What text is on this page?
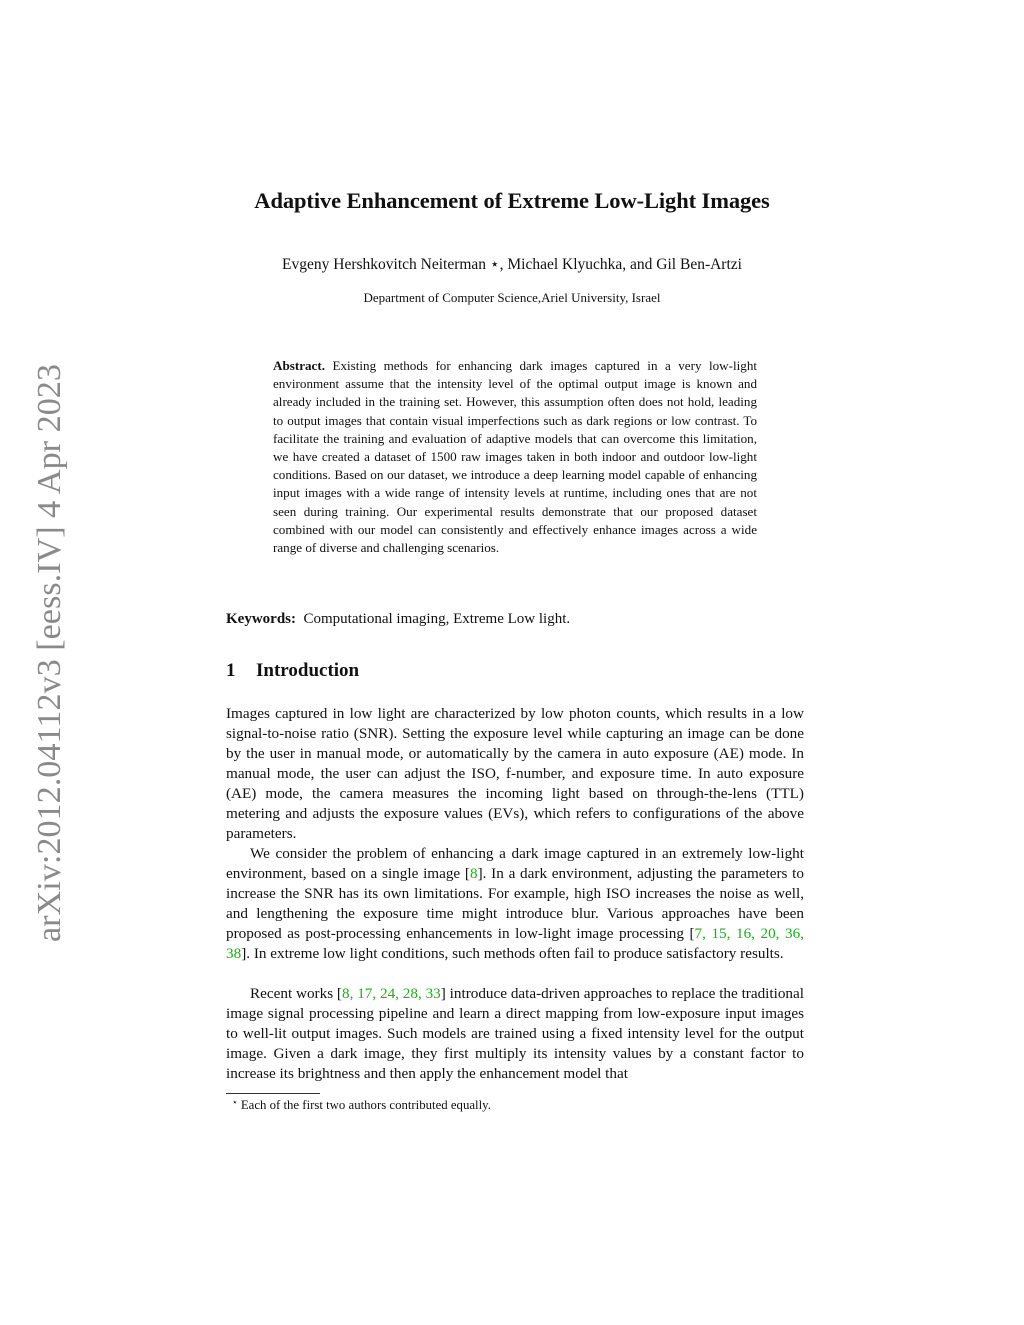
arXiv:2012.04112v3 [eess.IV] 4 Apr 2023
Adaptive Enhancement of Extreme Low-Light Images
Evgeny Hershkovitch Neiterman ⋆, Michael Klyuchka, and Gil Ben-Artzi
Department of Computer Science,Ariel University, Israel
Abstract. Existing methods for enhancing dark images captured in a very low-light environment assume that the intensity level of the optimal output image is known and already included in the training set. However, this assumption often does not hold, leading to output images that contain visual imperfections such as dark regions or low contrast. To facilitate the training and evaluation of adaptive models that can overcome this limitation, we have created a dataset of 1500 raw images taken in both indoor and outdoor low-light conditions. Based on our dataset, we introduce a deep learning model capable of enhancing input images with a wide range of intensity levels at runtime, including ones that are not seen during training. Our experimental results demonstrate that our proposed dataset combined with our model can consistently and effectively enhance images across a wide range of diverse and challenging scenarios.
Keywords: Computational imaging, Extreme Low light.
1 Introduction
Images captured in low light are characterized by low photon counts, which results in a low signal-to-noise ratio (SNR). Setting the exposure level while capturing an image can be done by the user in manual mode, or automatically by the camera in auto exposure (AE) mode. In manual mode, the user can adjust the ISO, f-number, and exposure time. In auto exposure (AE) mode, the camera measures the incoming light based on through-the-lens (TTL) metering and adjusts the exposure values (EVs), which refers to configurations of the above parameters.
We consider the problem of enhancing a dark image captured in an extremely low-light environment, based on a single image [8]. In a dark environment, adjusting the parameters to increase the SNR has its own limitations. For example, high ISO increases the noise as well, and lengthening the exposure time might introduce blur. Various approaches have been proposed as post-processing enhancements in low-light image processing [7, 15, 16, 20, 36, 38]. In extreme low light conditions, such methods often fail to produce satisfactory results.
Recent works [8, 17, 24, 28, 33] introduce data-driven approaches to replace the traditional image signal processing pipeline and learn a direct mapping from low-exposure input images to well-lit output images. Such models are trained using a fixed intensity level for the output image. Given a dark image, they first multiply its intensity values by a constant factor to increase its brightness and then apply the enhancement model that
⋆ Each of the first two authors contributed equally.
